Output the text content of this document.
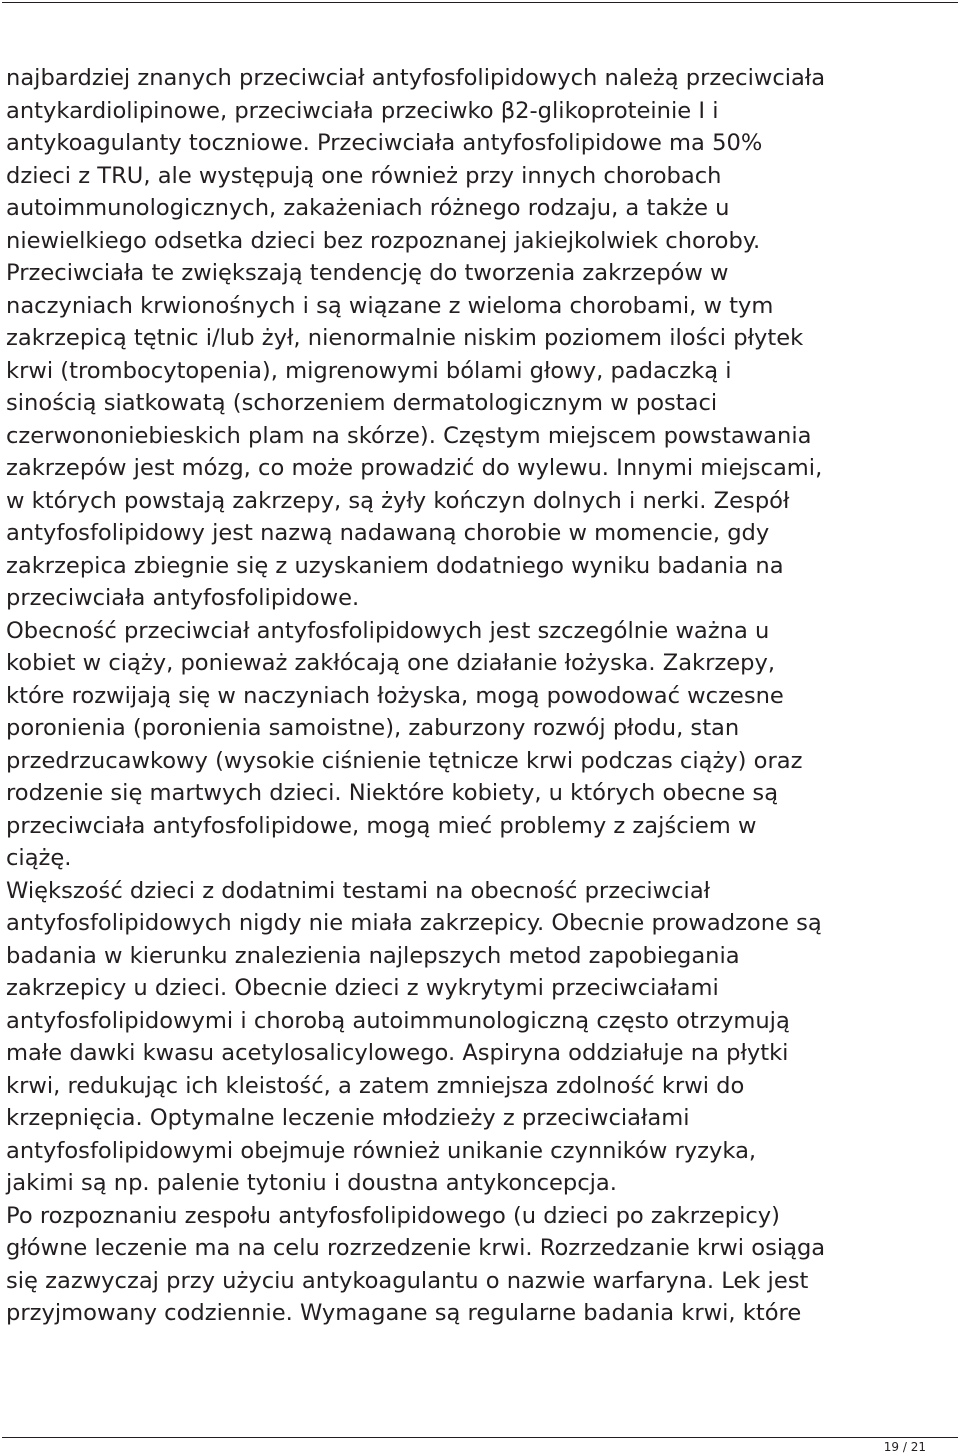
najbardziej znanych przeciwciał antyfosfolipidowych należą przeciwciała
antykardiolipinowe, przeciwciała przeciwko β2-glikoproteinie I i
antykoagulanty toczniowe. Przeciwciała antyfosfolipidowe ma 50%
dzieci z TRU, ale występują one również przy innych chorobach
autoimmunologicznych, zakażeniach różnego rodzaju, a także u
niewielkiego odsetka dzieci bez rozpoznanej jakiejkolwiek choroby.
Przeciwciała te zwiększają tendencję do tworzenia zakrzepów w
naczyniach krwionośnych i są wiązane z wieloma chorobami, w tym
zakrzepicą tętnic i/lub żył, nienormalnie niskim poziomem ilości płytek
krwi (trombocytopenia), migrenowymi bólami głowy, padaczką i
sinością siatkowatą (schorzeniem dermatologicznym w postaci
czerwononiebieskich plam na skórze). Częstym miejscem powstawania
zakrzepów jest mózg, co może prowadzić do wylewu. Innymi miejscami,
w których powstają zakrzepy, są żyły kończyn dolnych i nerki. Zespół
antyfosfolipidowy jest nazwą nadawaną chorobie w momencie, gdy
zakrzepica zbiegnie się z uzyskaniem dodatniego wyniku badania na
przeciwciała antyfosfolipidowe.
Obecność przeciwciał antyfosfolipidowych jest szczególnie ważna u
kobiet w ciąży, ponieważ zakłócają one działanie łożyska. Zakrzepy,
które rozwijają się w naczyniach łożyska, mogą powodować wczesne
poronienia (poronienia samoistne), zaburzony rozwój płodu, stan
przedrzucawkowy (wysokie ciśnienie tętnicze krwi podczas ciąży) oraz
rodzenie się martwych dzieci. Niektóre kobiety, u których obecne są
przeciwciała antyfosfolipidowe, mogą mieć problemy z zajściem w
ciążę.
Większość dzieci z dodatnimi testami na obecność przeciwciał
antyfosfolipidowych nigdy nie miała zakrzepicy. Obecnie prowadzone są
badania w kierunku znalezienia najlepszych metod zapobiegania
zakrzepicy u dzieci. Obecnie dzieci z wykrytymi przeciwciałami
antyfosfolipidowymi i chorobą autoimmunologiczną często otrzymują
małe dawki kwasu acetylosalicylowego. Aspiryna oddziałuje na płytki
krwi, redukując ich kleistość, a zatem zmniejsza zdolność krwi do
krzepnięcia. Optymalne leczenie młodzieży z przeciwciałami
antyfosfolipidowymi obejmuje również unikanie czynników ryzyka,
jakimi są np. palenie tytoniu i doustna antykoncepcja.
Po rozpoznaniu zespołu antyfosfolipidowego (u dzieci po zakrzepicy)
główne leczenie ma na celu rozrzedzenie krwi. Rozrzedzanie krwi osiąga
się zazwyczaj przy użyciu antykoagulantu o nazwie warfaryna. Lek jest
przyjmowany codziennie. Wymagane są regularne badania krwi, które
19 / 21
